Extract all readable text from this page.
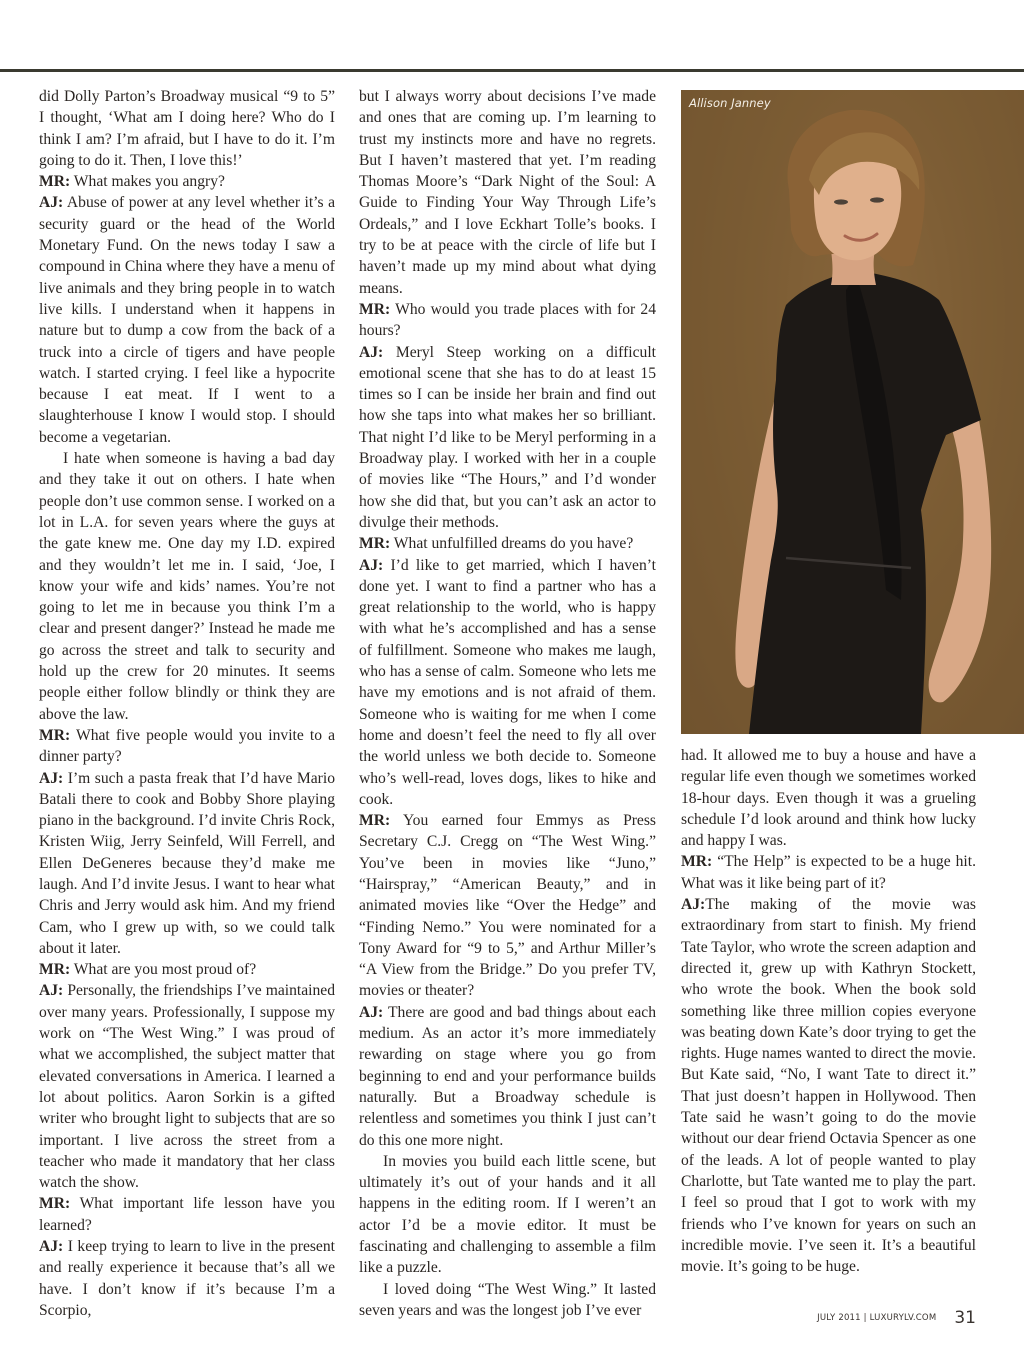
did Dolly Parton’s Broadway musical “9 to 5” I thought, ‘What am I doing here? Who do I think I am? I’m afraid, but I have to do it. I’m going to do it. Then, I love this!’

MR: What makes you angry?

AJ: Abuse of power at any level whether it’s a security guard or the head of the World Monetary Fund. On the news today I saw a compound in China where they have a menu of live animals and they bring people in to watch live kills. I understand when it happens in nature but to dump a cow from the back of a truck into a circle of tigers and have people watch. I started crying. I feel like a hypocrite because I eat meat. If I went to a slaughterhouse I know I would stop. I should become a vegetarian.

I hate when someone is having a bad day and they take it out on others. I hate when people don’t use common sense. I worked on a lot in L.A. for seven years where the guys at the gate knew me. One day my I.D. expired and they wouldn’t let me in. I said, ‘Joe, I know your wife and kids’ names. You’re not going to let me in because you think I’m a clear and present danger?’ Instead he made me go across the street and talk to security and hold up the crew for 20 minutes. It seems people either follow blindly or think they are above the law.

MR: What five people would you invite to a dinner party?

AJ: I’m such a pasta freak that I’d have Mario Batali there to cook and Bobby Shore playing piano in the background. I’d invite Chris Rock, Kristen Wiig, Jerry Seinfeld, Will Ferrell, and Ellen DeGeneres because they’d make me laugh. And I’d invite Jesus. I want to hear what Chris and Jerry would ask him. And my friend Cam, who I grew up with, so we could talk about it later.

MR: What are you most proud of?

AJ: Personally, the friendships I’ve maintained over many years. Professionally, I suppose my work on “The West Wing.” I was proud of what we accomplished, the subject matter that elevated conversations in America. I learned a lot about politics. Aaron Sorkin is a gifted writer who brought light to subjects that are so important. I live across the street from a teacher who made it mandatory that her class watch the show.

MR: What important life lesson have you learned?

AJ: I keep trying to learn to live in the present and really experience it because that’s all we have. I don’t know if it’s because I’m a Scorpio,

but I always worry about decisions I’ve made and ones that are coming up. I’m learning to trust my instincts more and have no regrets. But I haven’t mastered that yet. I’m reading Thomas Moore’s “Dark Night of the Soul: A Guide to Finding Your Way Through Life’s Ordeals,” and I love Eckhart Tolle’s books. I try to be at peace with the circle of life but I haven’t made up my mind about what dying means.

MR: Who would you trade places with for 24 hours?

AJ: Meryl Steep working on a difficult emotional scene that she has to do at least 15 times so I can be inside her brain and find out how she taps into what makes her so brilliant. That night I’d like to be Meryl performing in a Broadway play. I worked with her in a couple of movies like “The Hours,” and I’d wonder how she did that, but you can’t ask an actor to divulge their methods.

MR: What unfulfilled dreams do you have?

AJ: I’d like to get married, which I haven’t done yet. I want to find a partner who has a great relationship to the world, who is happy with what he’s accomplished and has a sense of fulfillment. Someone who makes me laugh, who has a sense of calm. Someone who lets me have my emotions and is not afraid of them. Someone who is waiting for me when I come home and doesn’t feel the need to fly all over the world unless we both decide to. Someone who’s well-read, loves dogs, likes to hike and cook.

MR: You earned four Emmys as Press Secretary C.J. Cregg on “The West Wing.” You’ve been in movies like “Juno,” “Hairspray,” “American Beauty,” and in animated movies like “Over the Hedge” and “Finding Nemo.” You were nominated for a Tony Award for “9 to 5,” and Arthur Miller’s “A View from the Bridge.” Do you prefer TV, movies or theater?

AJ: There are good and bad things about each medium. As an actor it’s more immediately rewarding on stage where you go from beginning to end and your performance builds naturally. But a Broadway schedule is relentless and sometimes you think I just can’t do this one more night.

In movies you build each little scene, but ultimately it’s out of your hands and it all happens in the editing room. If I weren’t an actor I’d be a movie editor. It must be fascinating and challenging to assemble a film like a puzzle.

I loved doing “The West Wing.” It lasted seven years and was the longest job I’ve ever

Allison Janney

had. It allowed me to buy a house and have a regular life even though we sometimes worked 18-hour days. Even though it was a grueling schedule I’d look around and think how lucky and happy I was.

MR: “The Help” is expected to be a huge hit. What was it like being part of it?

AJ:The making of the movie was extraordinary from start to finish. My friend Tate Taylor, who wrote the screen adaption and directed it, grew up with Kathryn Stockett, who wrote the book. When the book sold something like three million copies everyone was beating down Kate’s door trying to get the rights. Huge names wanted to direct the movie. But Kate said, “No, I want Tate to direct it.” That just doesn’t happen in Hollywood. Then Tate said he wasn’t going to do the movie without our dear friend Octavia Spencer as one of the leads. A lot of people wanted to play Charlotte, but Tate wanted me to play the part. I feel so proud that I got to work with my friends who I’ve known for years on such an incredible movie. I’ve seen it. It’s a beautiful movie. It’s going to be huge.

JULY 2011 | LUXURYLV.COM 31
